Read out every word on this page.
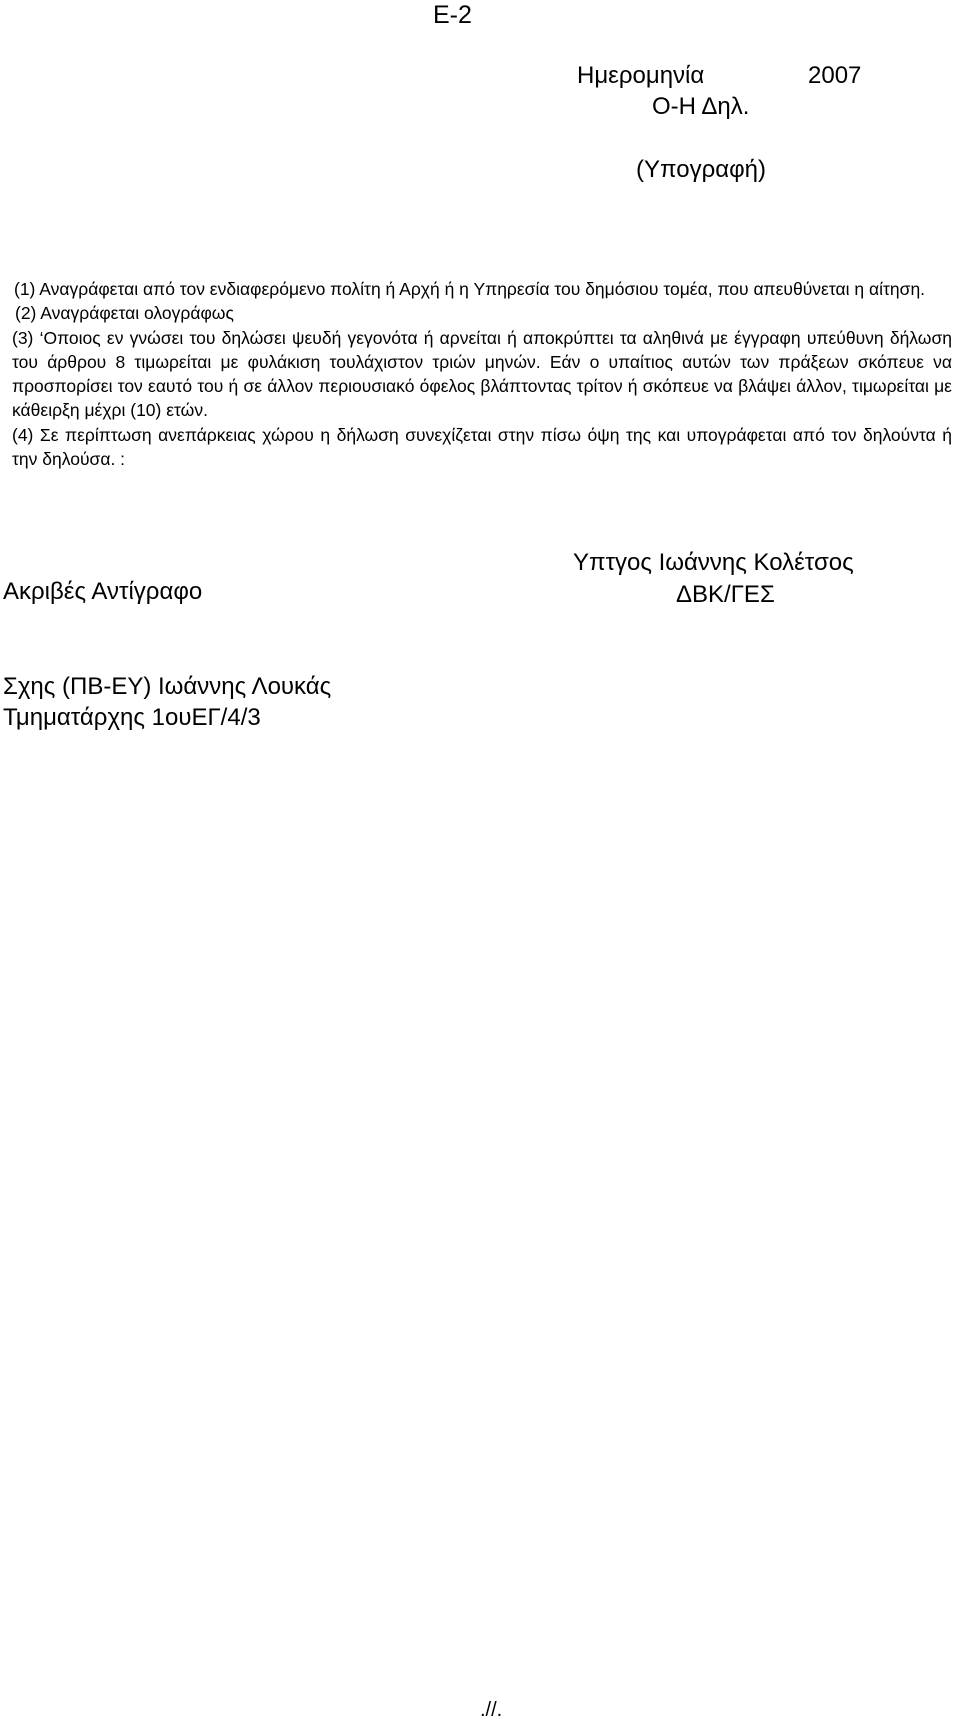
Ε-2
Ημερομηνία	2007
Ο-Η Δηλ.
(Υπογραφή)

(1) Αναγράφεται από τον ενδιαφερόμενο πολίτη ή Αρχή ή η Υπηρεσία του δημόσιου τομέα, που απευθύνεται η αίτηση.

(2) Αναγράφεται ολογράφως

(3) ‘Οποιος εν γνώσει του δηλώσει ψευδή γεγονότα ή αρνείται ή αποκρύπτει τα αληθινά με έγγραφη υπεύθυνη δήλωση του άρθρου 8 τιμωρείται με φυλάκιση τουλάχιστον τριών μηνών. Εάν ο υπαίτιος αυτών των πράξεων σκόπευε να προσπορίσει τον εαυτό του ή σε άλλον περιουσιακό όφελος βλάπτοντας τρίτον ή σκόπευε να βλάψει άλλον, τιμωρείται με κάθειρξη μέχρι (10) ετών.

(4) Σε περίπτωση ανεπάρκειας χώρου η δήλωση συνεχίζεται στην πίσω όψη της και υπογράφεται από τον δηλούντα ή την δηλούσα. :

Ακριβές Αντίγραφο
Υπτγος Ιωάννης Κολέτσος
ΔΒΚ/ΓΕΣ
Σχης (ΠΒ-ΕΥ) Ιωάννης Λουκάς
Τμηματάρχης 1ουΕΓ/4/3
.//.
